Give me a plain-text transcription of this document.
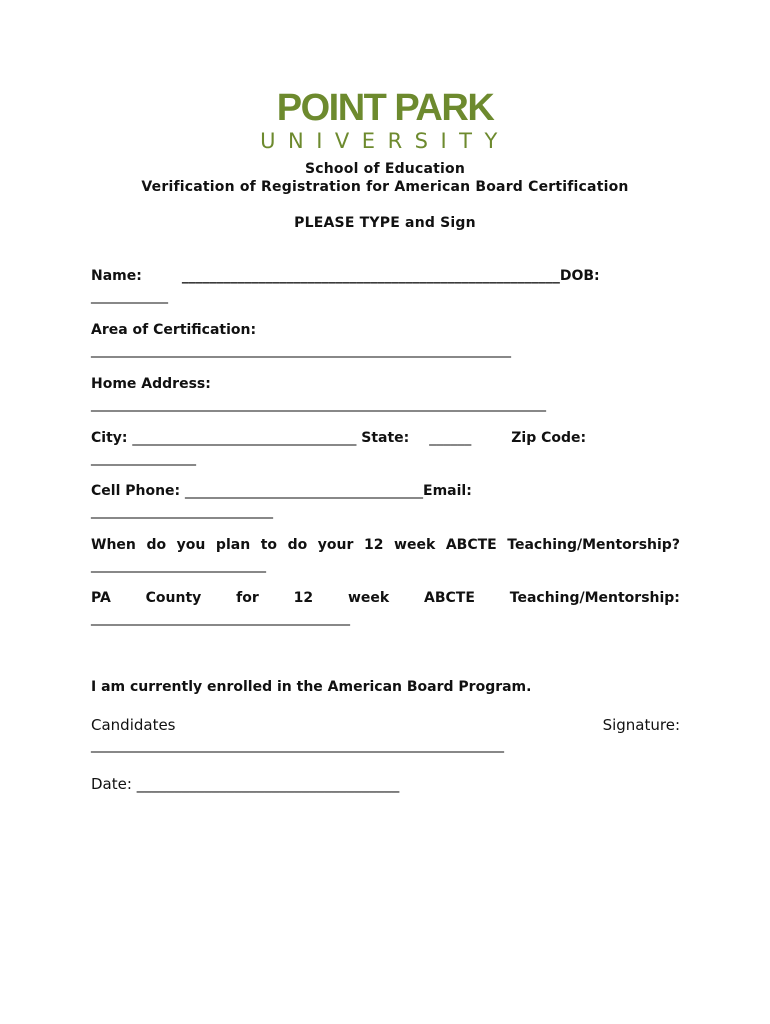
POINT PARK
UNIVERSITY
School of Education
Verification of Registration for American Board Certification
PLEASE TYPE and Sign
Name:	______________________________________________________DOB:
___________
Area of Certification:
____________________________________________________________
Home Address:
_________________________________________________________________
City: ________________________________ State: ______	Zip Code:
_______________
Cell Phone: __________________________________Email:
__________________________
When do you plan to do your 12 week ABCTE Teaching/Mentorship?
_________________________
PA County for 12 week ABCTE Teaching/Mentorship:
_____________________________________
I am currently enrolled in the American Board Program.
Candidates	Signature:
___________________________________________________________
Date: ___________________________________
